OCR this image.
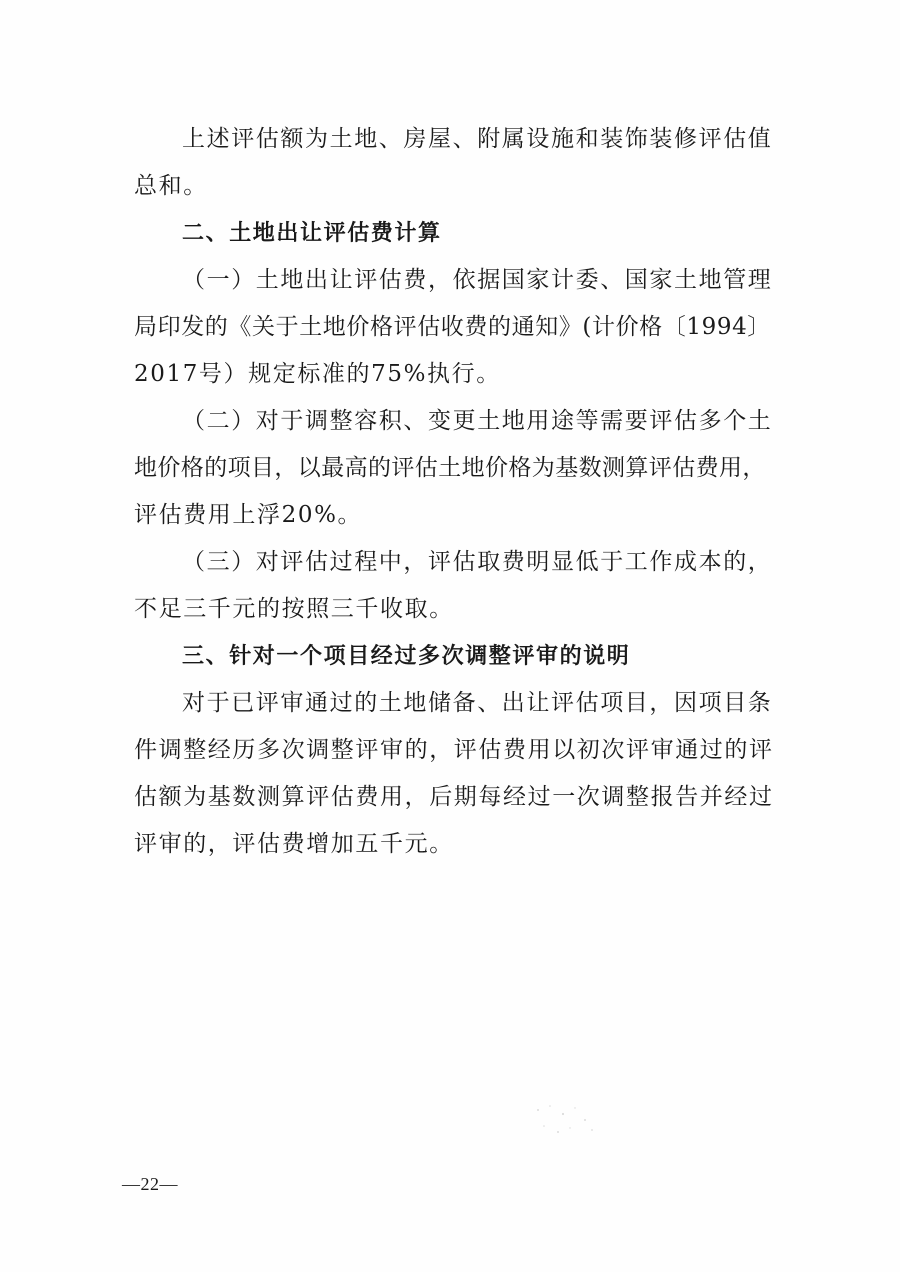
上述评估额为土地、房屋、附属设施和装饰装修评估值
总和。
二、土地出让评估费计算
（一）土地出让评估费，依据国家计委、国家土地管理
局印发的《关于土地价格评估收费的通知》(计价格〔1994〕
2017号）规定标准的75%执行。
（二）对于调整容积、变更土地用途等需要评估多个土
地价格的项目，以最高的评估土地价格为基数测算评估费用，
评估费用上浮20%。
（三）对评估过程中，评估取费明显低于工作成本的，
不足三千元的按照三千收取。
三、针对一个项目经过多次调整评审的说明
对于已评审通过的土地储备、出让评估项目，因项目条
件调整经历多次调整评审的，评估费用以初次评审通过的评
估额为基数测算评估费用，后期每经过一次调整报告并经过
评审的，评估费增加五千元。
—22—
